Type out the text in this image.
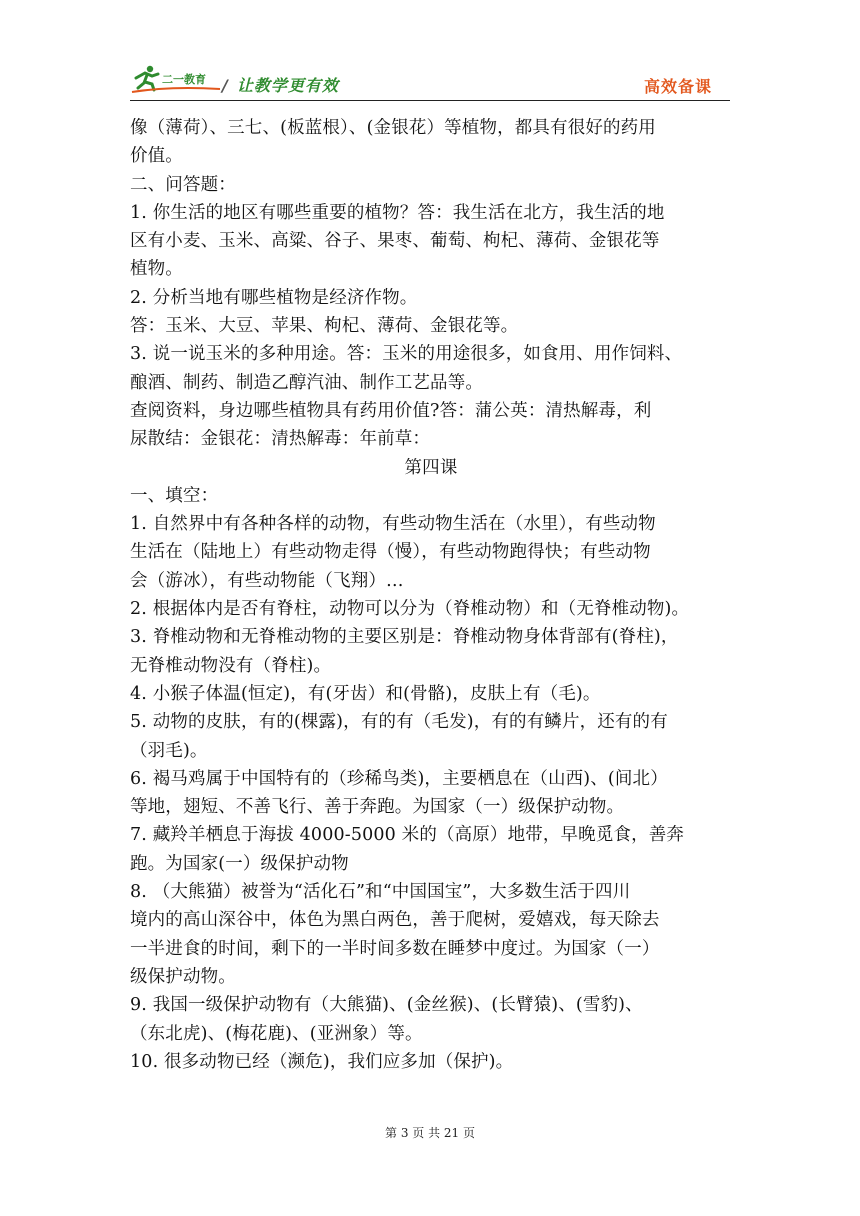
二一教育 / 让教学更有效	高效备课
像（薄荷）、三七、(板蓝根）、(金银花）等植物，都具有很好的药用
价值。
二、问答题：
1. 你生活的地区有哪些重要的植物？答：我生活在北方，我生活的地
区有小麦、玉米、高粱、谷子、果枣、葡萄、枸杞、薄荷、金银花等
植物。
2. 分析当地有哪些植物是经济作物。
答：玉米、大豆、苹果、枸杞、薄荷、金银花等。
3. 说一说玉米的多种用途。答：玉米的用途很多，如食用、用作饲料、
酿酒、制药、制造乙醇汽油、制作工艺品等。
查阅资料，身边哪些植物具有药用价值?答：蒲公英：清热解毒，利
尿散结：金银花：清热解毒：年前草：
第四课
一、填空：
1. 自然界中有各种各样的动物，有些动物生活在（水里），有些动物
生活在（陆地上）有些动物走得（慢），有些动物跑得快；有些动物
会（游冰），有些动物能（飞翔）…
2. 根据体内是否有脊柱，动物可以分为（脊椎动物）和（无脊椎动物)。
3. 脊椎动物和无脊椎动物的主要区别是：脊椎动物身体背部有(脊柱)，
无脊椎动物没有（脊柱)。
4. 小猴子体温(恒定)，有(牙齿）和(骨骼)，皮肤上有（毛)。
5. 动物的皮肤，有的(棵露)，有的有（毛发)，有的有鳞片，还有的有
（羽毛)。
6. 褐马鸡属于中国特有的（珍稀鸟类)，主要栖息在（山西)、(间北）
等地，翅短、不善飞行、善于奔跑。为国家（一）级保护动物。
7. 藏羚羊栖息于海拔 4000-5000 米的（高原）地带，早晚觅食，善奔
跑。为国家(一）级保护动物
8. （大熊猫）被誉为“活化石”和“中国国宝”，大多数生活于四川
境内的高山深谷中，体色为黑白两色，善于爬树，爱嬉戏，每天除去
一半进食的时间，剩下的一半时间多数在睡梦中度过。为国家（一）
级保护动物。
9. 我国一级保护动物有（大熊猫)、(金丝猴)、(长臂猿)、(雪豹)、
（东北虎)、(梅花鹿)、(亚洲象）等。
10. 很多动物已经（濒危)，我们应多加（保护)。
第 3 页 共 21 页
